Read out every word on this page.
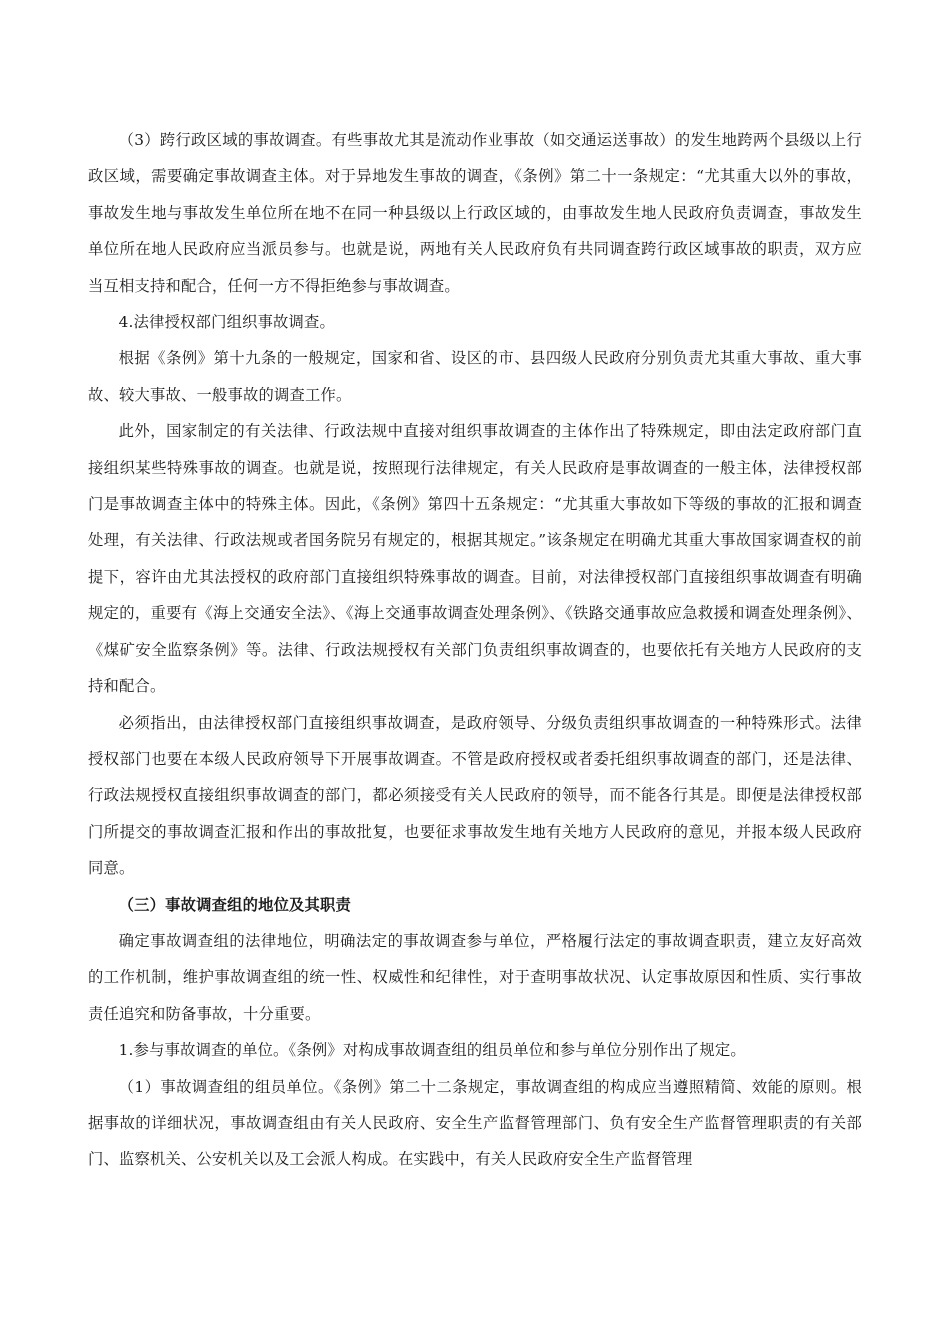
（3）跨行政区域的事故调查。有些事故尤其是流动作业事故（如交通运送事故）的发生地跨两个县级以上行政区域，需要确定事故调查主体。对于异地发生事故的调查，《条例》第二十一条规定：“尤其重大以外的事故，事故发生地与事故发生单位所在地不在同一种县级以上行政区域的，由事故发生地人民政府负责调查，事故发生单位所在地人民政府应当派员参与。也就是说，两地有关人民政府负有共同调查跨行政区域事故的职责，双方应当互相支持和配合，任何一方不得拒绝参与事故调查。

4.法律授权部门组织事故调查。

根据《条例》第十九条的一般规定，国家和省、设区的市、县四级人民政府分别负责尤其重大事故、重大事故、较大事故、一般事故的调查工作。

此外，国家制定的有关法律、行政法规中直接对组织事故调查的主体作出了特殊规定，即由法定政府部门直接组织某些特殊事故的调查。也就是说，按照现行法律规定，有关人民政府是事故调查的一般主体，法律授权部门是事故调查主体中的特殊主体。因此，《条例》第四十五条规定：“尤其重大事故如下等级的事故的汇报和调查处理，有关法律、行政法规或者国务院另有规定的，根据其规定。”该条规定在明确尤其重大事故国家调查权的前提下，容许由尤其法授权的政府部门直接组织特殊事故的调查。目前，对法律授权部门直接组织事故调查有明确规定的，重要有《海上交通安全法》、《海上交通事故调查处理条例》、《铁路交通事故应急救援和调查处理条例》、《煤矿安全监察条例》等。法律、行政法规授权有关部门负责组织事故调查的，也要依托有关地方人民政府的支持和配合。

必须指出，由法律授权部门直接组织事故调查，是政府领导、分级负责组织事故调查的一种特殊形式。法律授权部门也要在本级人民政府领导下开展事故调查。不管是政府授权或者委托组织事故调查的部门，还是法律、行政法规授权直接组织事故调查的部门，都必须接受有关人民政府的领导，而不能各行其是。即便是法律授权部门所提交的事故调查汇报和作出的事故批复，也要征求事故发生地有关地方人民政府的意见，并报本级人民政府同意。

（三）事故调查组的地位及其职责

确定事故调查组的法律地位，明确法定的事故调查参与单位，严格履行法定的事故调查职责，建立友好高效的工作机制，维护事故调查组的统一性、权威性和纪律性，对于查明事故状况、认定事故原因和性质、实行事故责任追究和防备事故，十分重要。

1.参与事故调查的单位。《条例》对构成事故调查组的组员单位和参与单位分别作出了规定。

（1）事故调查组的组员单位。《条例》第二十二条规定，事故调查组的构成应当遵照精简、效能的原则。根据事故的详细状况，事故调查组由有关人民政府、安全生产监督管理部门、负有安全生产监督管理职责的有关部门、监察机关、公安机关以及工会派人构成。在实践中，有关人民政府安全生产监督管理
